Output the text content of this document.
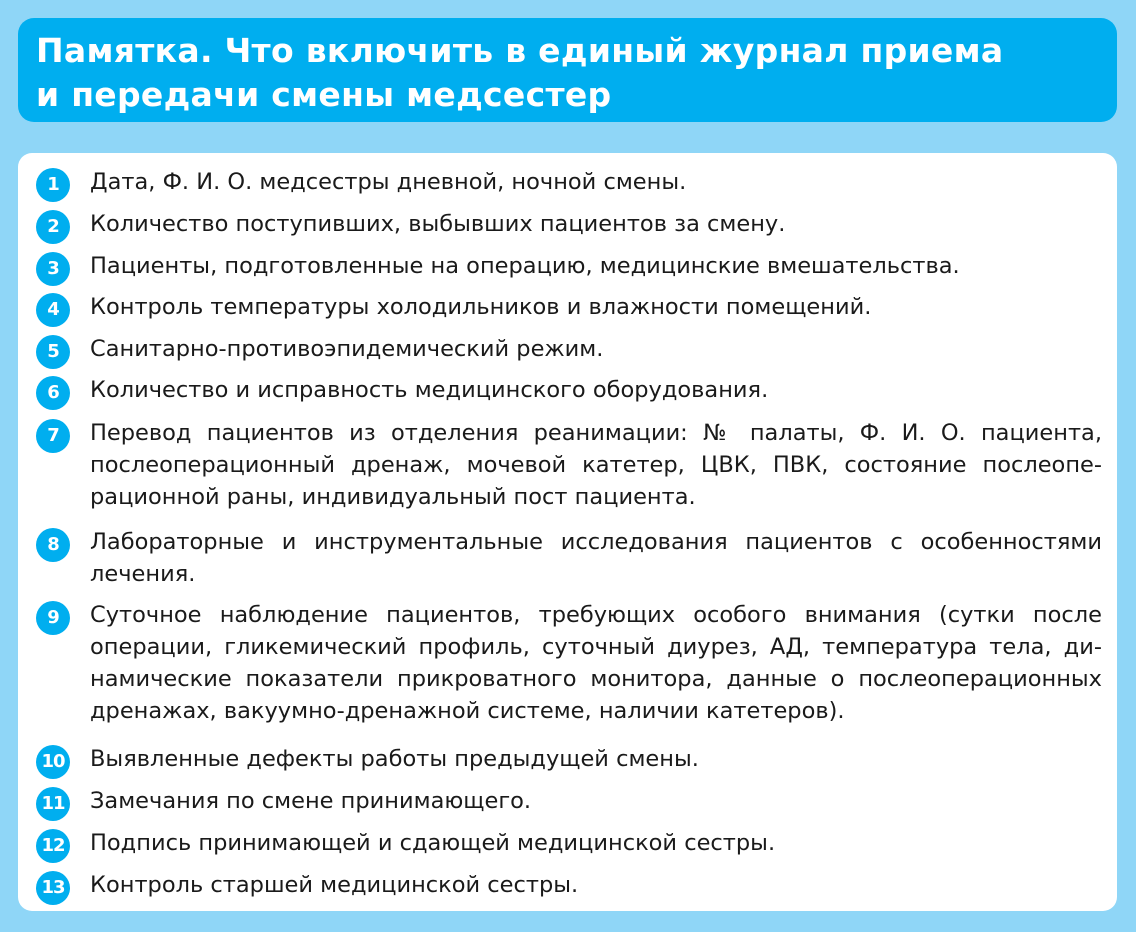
Памятка. Что включить в единый журнал приема
и передачи смены медсестер
1	Дата, Ф. И. О. медсестры дневной, ночной смены.
2	Количество поступивших, выбывших пациентов за смену.
3	Пациенты, подготовленные на операцию, медицинские вмешательства.
4	Контроль температуры холодильников и влажности помещений.
5	Санитарно-противоэпидемический режим.
6	Количество и исправность медицинского оборудования.
7	Перевод пациентов из отделения реанимации: № палаты, Ф. И. О. пациента, послеоперационный дренаж, мочевой катетер, ЦВК, ПВК, состояние послеоперационной раны, индивидуальный пост пациента.
8	Лабораторные и инструментальные исследования пациентов с особенностями лечения.
9	Суточное наблюдение пациентов, требующих особого внимания (сутки после операции, гликемический профиль, суточный диурез, АД, температура тела, динамические показатели прикроватного монитора, данные о послеоперационных дренажах, вакуумно-дренажной системе, наличии катетеров).
10 Выявленные дефекты работы предыдущей смены.
11 Замечания по смене принимающего.
12 Подпись принимающей и сдающей медицинской сестры.
13 Контроль старшей медицинской сестры.
